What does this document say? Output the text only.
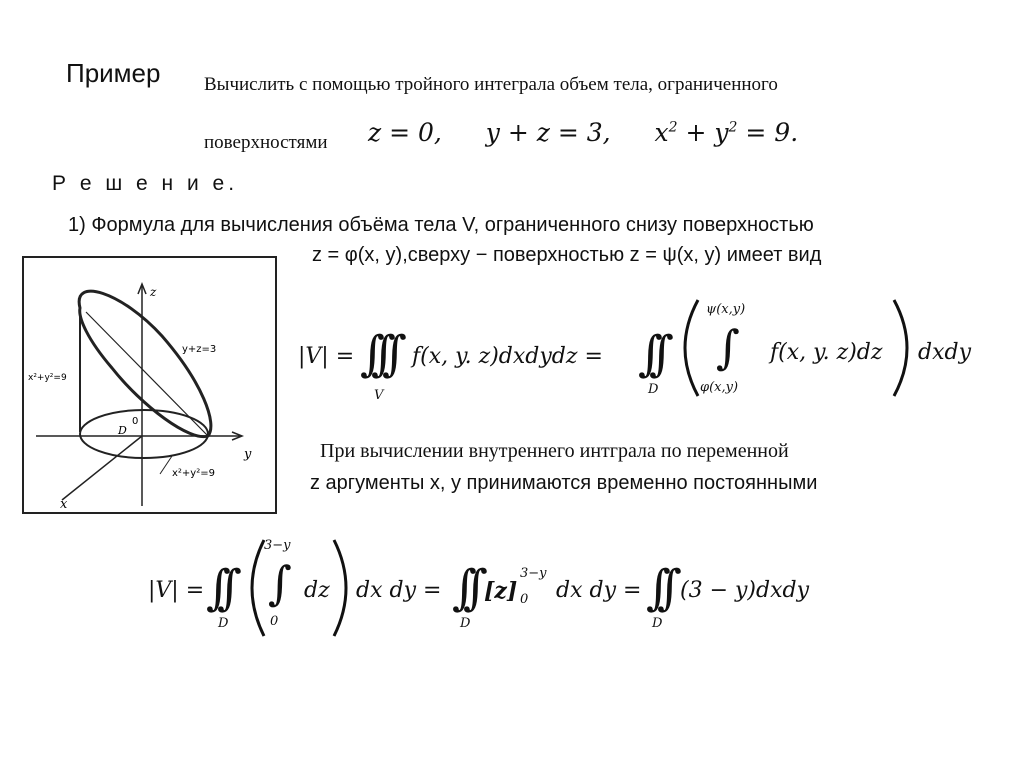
Пример Вычислить с помощью тройного интеграла объем тела, ограниченного
поверхностями z = 0, y + z = 3, $x^2 + y^2 = 9$.
Р е ш е н и е.
1) Формула для вычисления объёма тела V, ограниченного снизу поверхностью
z = φ(x, y),сверху − поверхностью z = ψ(x, y) имеет вид
|V| = ∫∫∫
V
f(x, y. z)dxdydz = ∫∫
D
ψ(x,y)
∫
φ(x,y)
f(x, y. z)dz dxdy
При вычислении внутреннего интграла по переменной
z аргументы x, y принимаются временно постоянными
|V| = ∫∫
D
3−y
∫
0
dz dx dy = ∫∫
D
[z]
3−y
0 dx dy = ∫∫
D
(3 − y)dxdy
z
y
x
y+z=3
x²+y²=9
D
0
x²+y²=9
